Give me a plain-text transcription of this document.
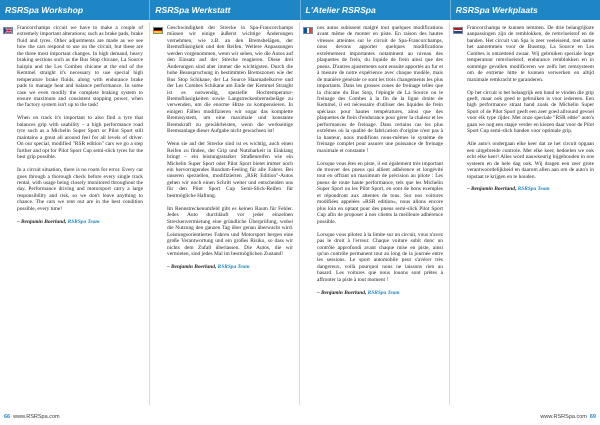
RSRSpa Workshop	RSRSpa Werkstatt	L'Atelier RSRSpa	RSRSpa Werkplaats

Francorchamps circuit we have to make a couple of extremely important alterations; such as brake pads, brake fluid and tyres. Other adjustments are made as we see how the cars respond to use on the circuit, but these are the three most important changes. In high demand, heavy braking sections such as the Bus Stop chicane, La Source hairpin and the Les Combes chicane at the end of the Kemmel straight it's necessary to use special high temperature brake fluids, along with endurance brake pads to manage heat and balance performance. In some case we even modify the complete braking system to ensure maximum and consistent stopping power, when the factory system isn't up to the task!

When on track it's important to also find a tyre that balances grip with usability – a high performance road tyre such as a Michelin Super Sport or Pilot Sport still maintains a great all around feel for all levels of driver. On our special, modified "RSR edition" cars we go a step further and opt for Pilot Sport Cup semi-slick tyres for the best grip possible.

In a circuit situation, there is no room for error. Every car goes through a thorough check before every single track rental, with usage being closely monitored throughout the day. Performance driving and motorsport carry a large responsibility and risk, so we don't leave anything to chance. The cars we rent out are in the best condition possible, every time!

– Benjamin Boerland, RSRSpa Team

Geschwindigkeit der Strecke in Spa-Francorchamps müssen wir einige äußerst wichtige Änderungen vornehmen, wie z.B. an den Bremsbelägen, der Bremsflüssigkeit und den Reifen. Weitere Anpassungen werden vorgenommen, wenn wir sehen, wie die Autos auf den Einsatz auf der Strecke reagieren. Diese drei Änderungen sind aber immer die wichtigsten. Durch die hohe Beanspruchung in bestimmten Bremszonen wie der Bus Stop Schikane, der La Source Haarnadelkurve und der Les Combes Schikane am Ende der Kemmel Straight ist es notwendig, spezielle Hochtemperatur-Bremsflüssigkeiten sowie Langstreckenbremsbeläge zu verwenden, um die enorme Hitze zu kompensieren. In einigen Fällen modifizieren wir sogar das komplette Bremssystem, um eine maximale und konstante Bremskraft zu gewährleisten, wenn die werkseitige Bremsanlage dieser Aufgabe nicht gewachsen ist!

Wenn sie auf der Strecke sind ist es wichtig, auch einen Reifen zu finden, der Grip und Nutzbarkeit in Einklang bringt – ein leistungsstarker Straßenreifen wie ein Michelin Super Sport oder Pilot Sport bietet immer noch ein hervorragendes Rundum-Feeling für alle Fahrer. Bei unseren speziellen, modifizierten „RSR Edition"-Autos gehen wir noch einen Schritt weiter und entscheiden uns für den Pilot Sport Cup Semi-Slick-Reifen für bestmögliche Haftung.

Im Rennstreckenumfeld gibt es keinen Raum für Fehler. Jedes Auto durchläuft vor jeder einzelnen Streckenvermietung eine gründliche Überprüfung, wobei die Nutzung den ganzen Tag über genau überwacht wird. Leistungsorientiertes Fahren und Motorsport bergen eine große Verantwortung und ein großes Risiko, so dass wir nichts dem Zufall überlassen. Die Autos, die wir vermieten, sind jedes Mal im bestmöglichen Zustand!

– Benjamin Boerland, RSRSpa Team

nos autos subissent malgré tout quelques modifications avant même de monter en piste. En raison des hautes vitesses atteintes sur le circuit de Spa-Francorchamps, nous devons apporter quelques modifications extrêmement importantes notamment au niveau des plaquettes de frein, du liquide de frein ainsi que des pneus. D'autres ajustements sont ensuite apportés au fur et à mesure de notre expérience avec chaque modèle, mais de manière générale ce sont les trois changements les plus importants. Dans les grosses zones de freinage telles que la chicane du Bus Stop, l'épingle de La Source ou le freinage des Combes à la fin de la ligne droite de Kemmel, il est nécessaire d'utiliser des liquides de frein spéciaux pour hautes températures, ainsi que des plaquettes de frein d'endurance pour gérer la chaleur et les performances de freinage. Dans certains cas les plus extrêmes où la qualité de fabrication d'origine n'est pas à la hauteur, nous modifions nous-mêmes le système de freinage complet pour assurer une puissance de freinage maximale et constante !

Lorsque vous êtes en piste, il est également très important de trouver des pneus qui allient adhérence et longévité tout en offrant un maximum de précision au pilote : Les pneus de route haute performance, tels que les Michelin Super Sport ou les Pilot Sport, en sont de bons exemples et répondront aux attentes de tous. Sur nos voitures modifiées appelées «RSR edition», nous allons encore plus loin en optant pour des pneus semi-slick Pilot Sport Cup afin de proposer à nos clients la meilleure adhérence possible.

Lorsque vous pilotez à la limite sur un circuit, vous n'avez pas le droit à l'erreur. Chaque voiture subit donc un contrôle approfondi avant chaque mise en piste, ainsi qu'un contrôle permanent tout au long de la journée entre les sessions. Le sport automobile peut s'avérer très dangereux, voilà pourquoi nous ne laissons rien au hasard. Les voitures que nous louons sont prêtes à affronter la piste à tout moment !

– Benjamin Boerland, RSRSpa Team

Francorchamps te kunnen temmen. De drie belangrijkste aanpassingen zijn de remblokken, de remvloeistof en de banden. Het circuit van Spa is zeer veeleisend, met name het aanremmen voor de Busstop, La Source en Les Combes is ontzettend zwaar. Wij gebruiken speciale hoge temperatuur remvloeistof, endurance remblokken en in sommige gevallen modificeren we zelfs het remsysteem om de extreme hitte te kunnen verwerken en altijd maximale remkracht te garanderen.

Op het circuit is het belangrijk een band te vinden die grip geeft, maar ook goed te gebruiken is voor iedereen. Een high performance straat band zoals de Michelin Super Sport of de Pilot Sport geeft een zeer goed allround gevoel voor elk type rijder. Met onze speciale "RSR edtie" auto's gaan we nog een stapje verder en kiezen daar voor de Pilot Sport Cup semi-slick banden voor optimale grip.

Alle auto's ondergaan elke keer dat ze het circuit opgaan een uitgebreide controle. Met elke keer, bedoelen we ook echt elke keer! Alles word nauwkeurig bijgehouden in ons systeem en de hele dag ook. Wij dragen een zeer grote verantwoordelijkheid en daarom allen aan om de auto's in topstaat te krijgen en te houden.

– Benjamin Boerland, RSRSpa Team

66 www.RSRSpa.com	www.RSRSpa.com 69
